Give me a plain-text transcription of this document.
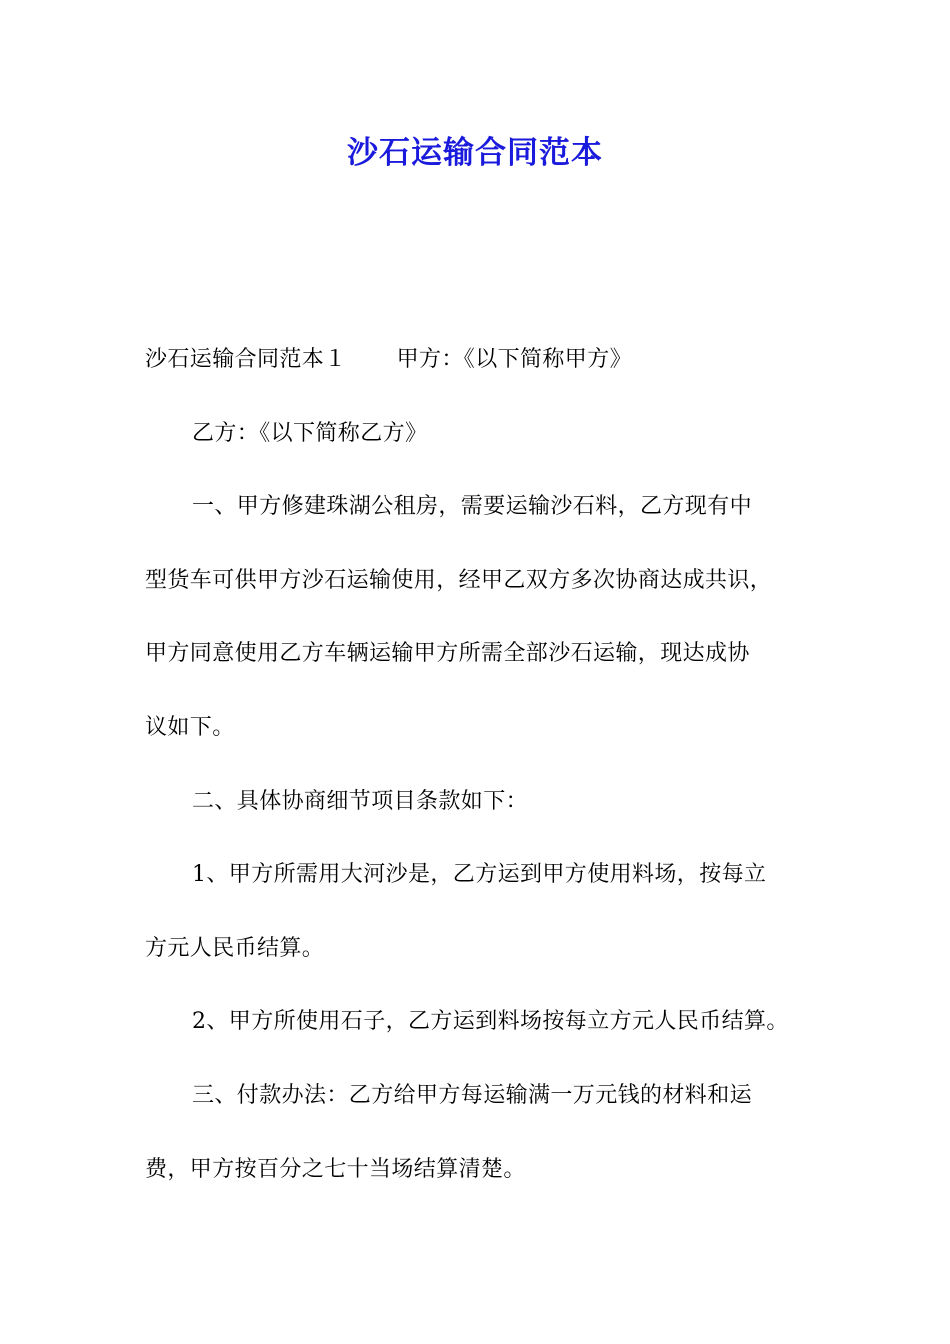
沙石运输合同范本
沙石运输合同范本１ 甲方：《以下简称甲方》
乙方：《以下简称乙方》
一、甲方修建珠湖公租房，需要运输沙石料，乙方现有中
型货车可供甲方沙石运输使用，经甲乙双方多次协商达成共识，
甲方同意使用乙方车辆运输甲方所需全部沙石运输，现达成协
议如下。
二、具体协商细节项目条款如下：
1、甲方所需用大河沙是，乙方运到甲方使用料场，按每立
方元人民币结算。
2、甲方所使用石子，乙方运到料场按每立方元人民币结算。
三、付款办法：乙方给甲方每运输满一万元钱的材料和运
费，甲方按百分之七十当场结算清楚。
